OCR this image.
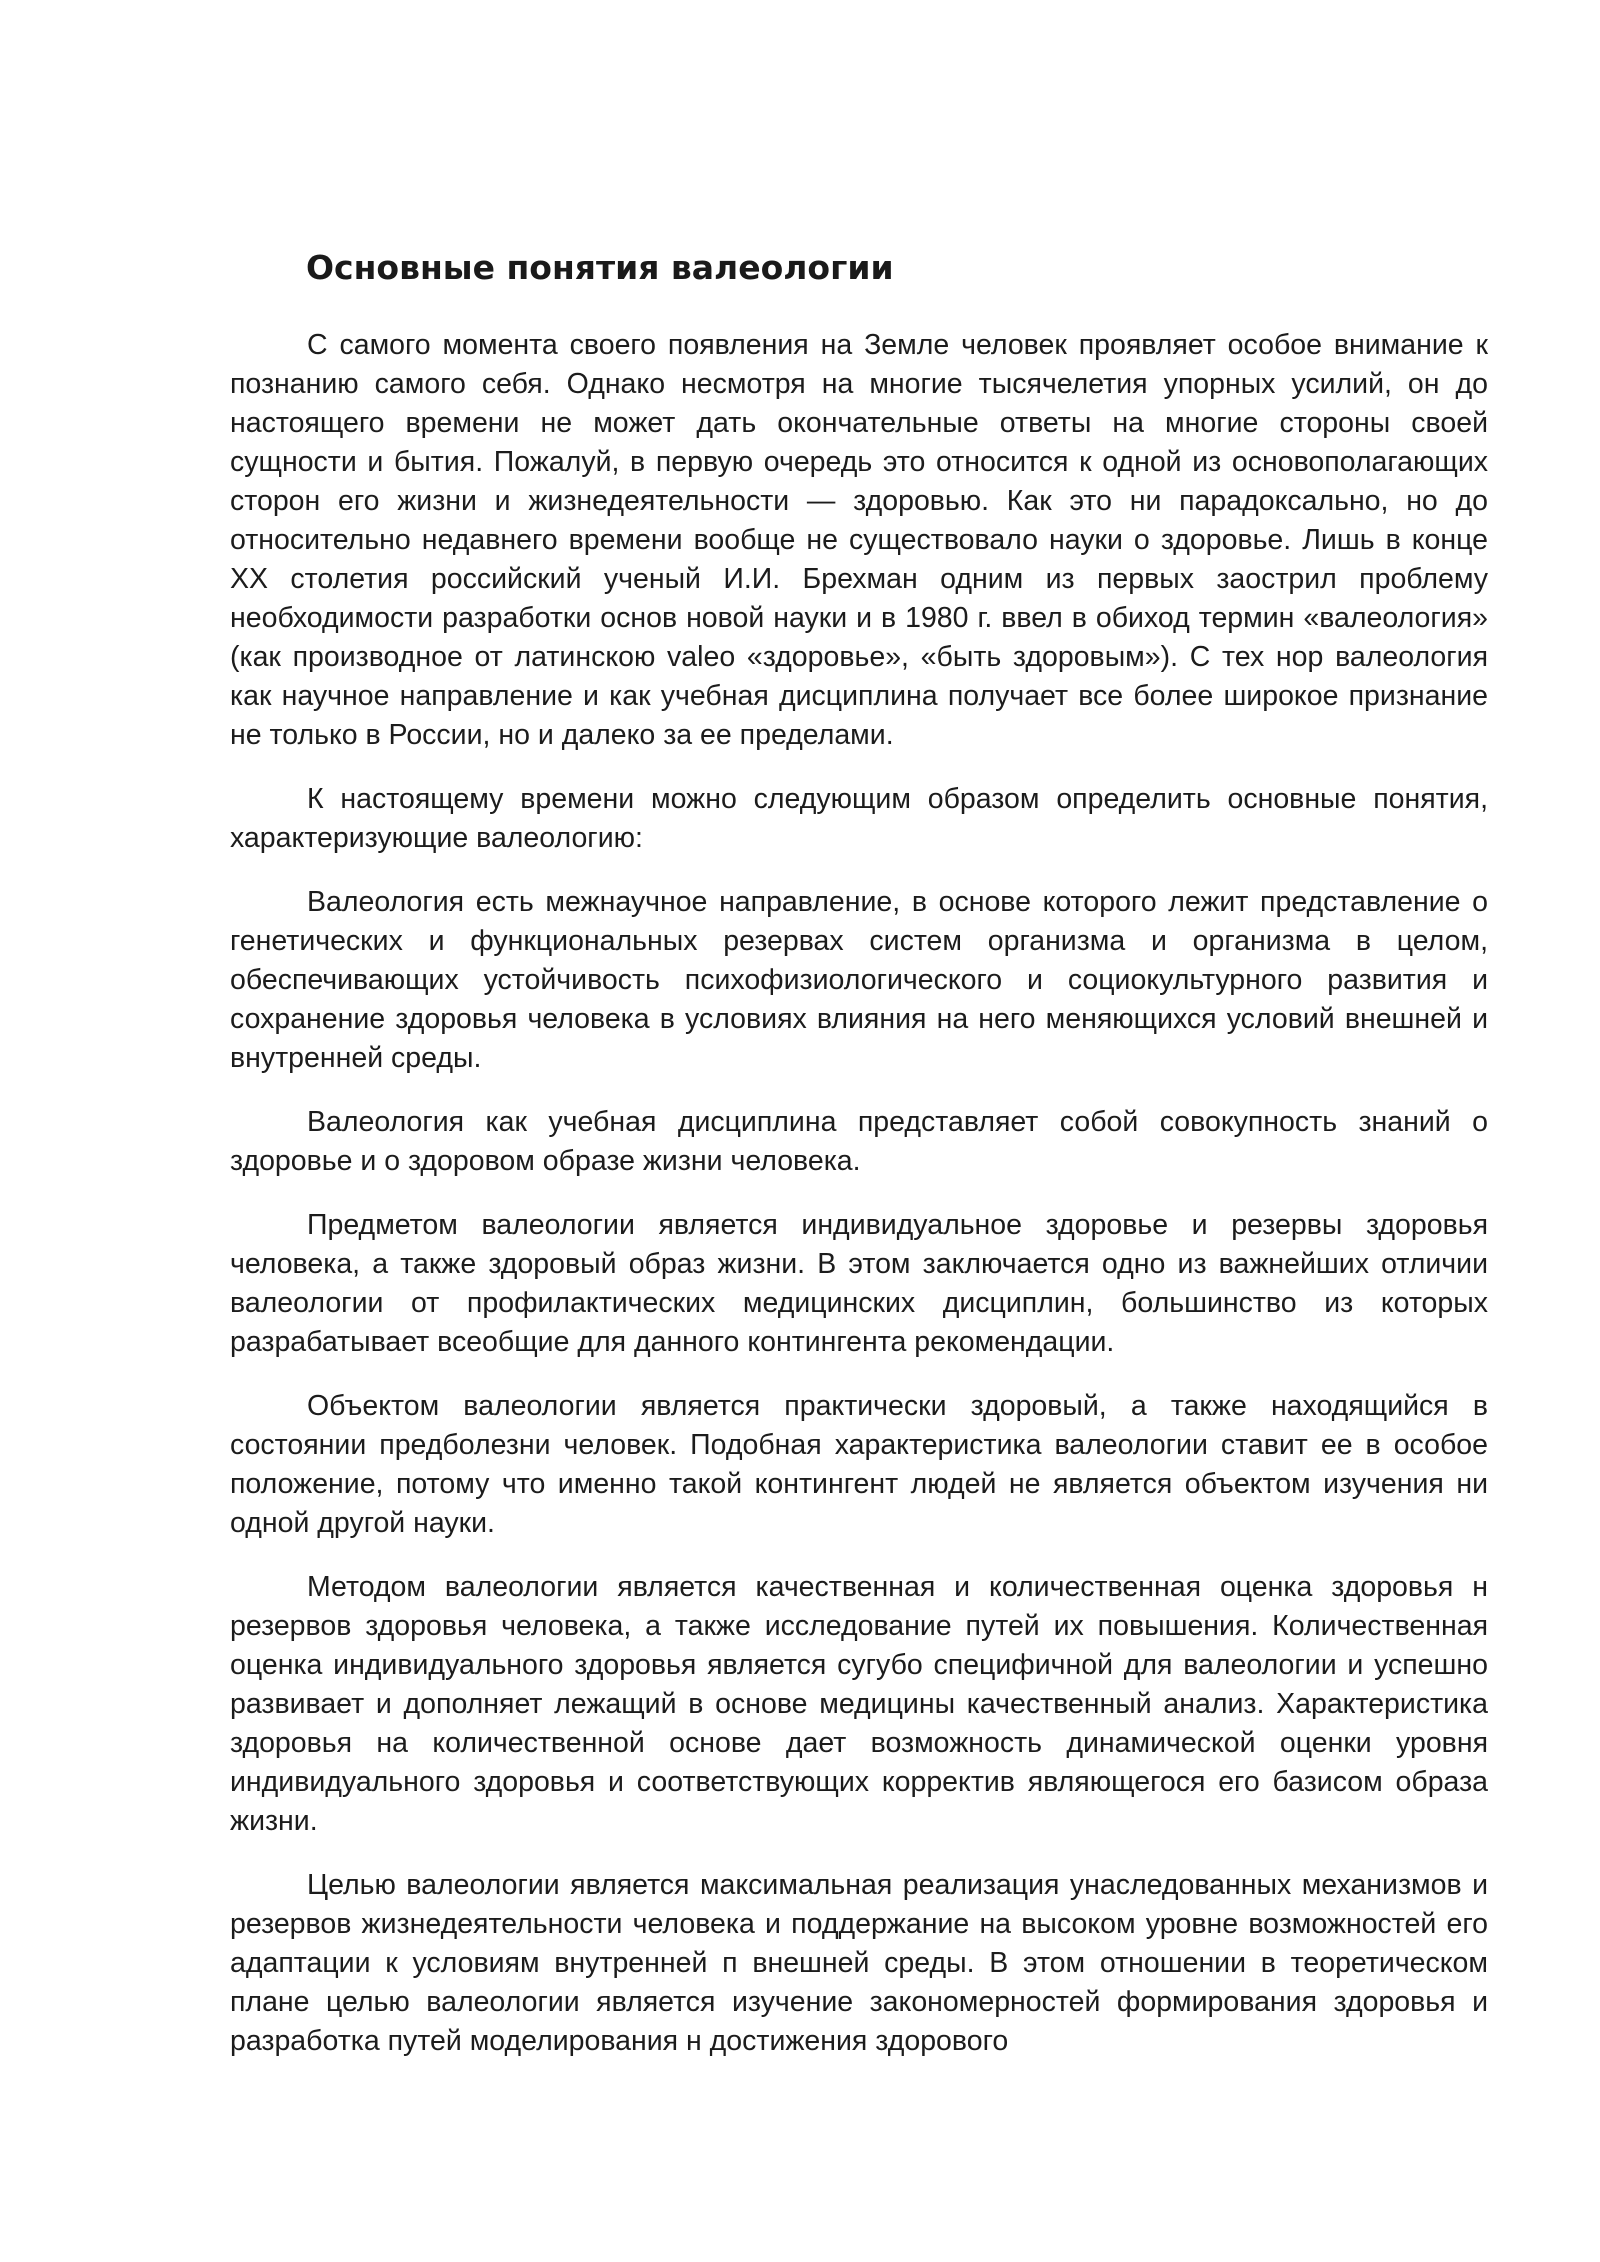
Основные понятия валеологии

С самого момента своего появления на Земле человек проявляет особое внимание к познанию самого себя. Однако несмотря на многие тысячелетия упорных усилий, он до настоящего времени не может дать окончательные ответы на многие стороны своей сущности и бытия. Пожалуй, в первую очередь это относится к одной из основополагающих сторон его жизни и жизнедеятельности — здоровью. Как это ни парадоксально, но до относительно недавнего времени вообще не существовало науки о здоровье. Лишь в конце XX столетия российский ученый И.И. Брехман одним из первых заострил проблему необходимости разработки основ новой науки и в 1980 г. ввел в обиход термин «валеология» (как производное от латинскою valeo «здоровье», «быть здоровым»). С тех нор валеология как научное направление и как учебная дисциплина получает все более широкое признание не только в России, но и далеко за ее пределами.

К настоящему времени можно следующим образом определить основные понятия, характеризующие валеологию:

Валеология есть межнаучное направление, в основе которого лежит представление о генетических и функциональных резервах систем организма и организма в целом, обеспечивающих устойчивость психофизиологического и социокультурного развития и сохранение здоровья человека в условиях влияния на него меняющихся условий внешней и внутренней среды.

Валеология как учебная дисциплина представляет собой совокупность знаний о здоровье и о здоровом образе жизни человека.

Предметом валеологии является индивидуальное здоровье и резервы здоровья человека, а также здоровый образ жизни. В этом заключается одно из важнейших отличии валеологии от профилактических медицинских дисциплин, большинство из которых разрабатывает всеобщие для данного контингента рекомендации.

Объектом валеологии является практически здоровый, а также находящийся в состоянии предболезни человек. Подобная характеристика валеологии ставит ее в особое положение, потому что именно такой контингент людей не является объектом изучения ни одной другой науки.

Методом валеологии является качественная и количественная оценка здоровья н резервов здоровья человека, а также исследование путей их повышения. Количественная оценка индивидуального здоровья является сугубо специфичной для валеологии и успешно развивает и дополняет лежащий в основе медицины качественный анализ. Характеристика здоровья на количественной основе дает возможность динамической оценки уровня индивидуального здоровья и соответствующих корректив являющегося его базисом образа жизни.

Целью валеологии является максимальная реализация унаследованных механизмов и резервов жизнедеятельности человека и поддержание на высоком уровне возможностей его адаптации к условиям внутренней п внешней среды. В этом отношении в теоретическом плане целью валеологии является изучение закономерностей формирования здоровья и разработка путей моделирования н достижения здорового
